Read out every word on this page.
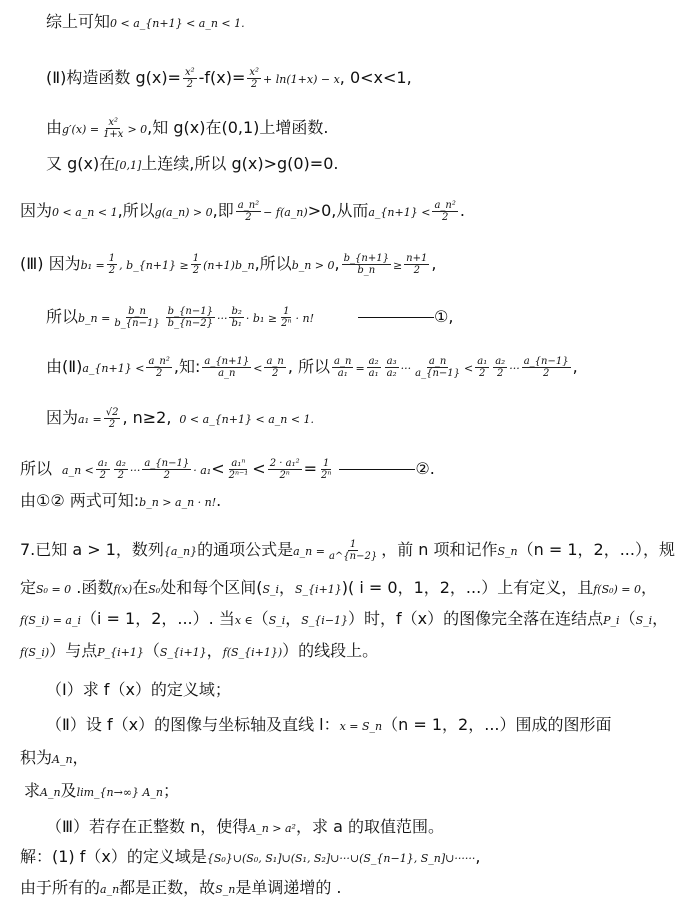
综上可知0 < a_{n+1} < a_n < 1.
(Ⅱ)构造函数 $g(x)= \frac{\text{x²}}{2} -f(x)= \frac{\text{x²}}{2} + \ln(1+x) - x$, 0<x<1,
由$g'(x) = \frac{\text{x²}}{1+x} > 0$,知 g(x)在(0,1)上增函数.
又 g(x)在[0,1]上连续,所以 g(x)>g(0)=0.
因为0 < a_n < 1,所以g(a_n) > 0,即 $\frac{\text{a\_n²}}{2}$ − f(a_n)>0,从而a_{n+1} < $\frac{\text{a\_n²}}{2}$ .
(Ⅲ) 因为$b_1 = \frac{1}{2}$ , b_{n+1} ≥ $\frac{1}{2}$ (n+1)b_n,所以b_n > 0, $\frac{b\_\{n+1\}}{b\_n} \ge \frac{n+1}{2}$ ,
所以b_n = $\frac{b\_n}{b\_\{n-1\}} \frac{b\_\{n-1\}}{b\_\{n-2\}}$ ··· $\frac{\text{b₂}}{\text{b₁}} \cdot b_1 \ge \frac{1}{\text{2ⁿ}} \cdot n$!	①,
由(Ⅱ)a_{n+1} < $\frac{\text{a\_n²}}{2}$ ,知: $\frac{a\_\{n+1\}}{a\_n} < \frac{a\_n}{2}$ , 所以 $\frac{a\_n}{\text{a₁}} = \frac{\text{a₂}}{\text{a₁}} \frac{\text{a₃}}{\text{a₂}}$ ··· $\frac{a\_n}{a\_\{n-1\}} < \frac{\text{a₁}}{2} \frac{\text{a₂}}{2}$ ··· $\frac{a\_\{n-1\}}{2}$ ,
因为$a_1 = \frac{√2}{2}$ , n≥2, 0 < a_{n+1} < a_n < 1.
所以 a_n < $\frac{\text{a₁}}{2} \frac{\text{a₂}}{2}$ ··· $\frac{a\_\{n-1\}}{2} \cdot a_1< \frac{\text{a₁ⁿ}}{\text{2ⁿ⁻¹}} < \frac{\text{2 · a₁²}}{\text{2ⁿ}} = \frac{1}{\text{2ⁿ}}$	②.
由①② 两式可知:b_n > a_n · n!.
7.已知 a > 1，数列{a_n}的通项公式是a_n = $\frac{1}{a\^{}\{n-2\}}$ ，前 n 项和记作S_n（n = 1，2，...），规
定S₀ = 0 .函数f(x)在S₀处和每个区间(S_i，S_{i+1})( i = 0，1，2，...）上有定义，且f(S₀) = 0，
f(S_i) = a_i（i = 1，2，...）. 当x ∈（S_i，S_{i−1}）时，f（x）的图像完全落在连结点P_i（S_i，
f(S_i)）与点P_{i+1}（S_{i+1}，f(S_{i+1})）的线段上。
（Ⅰ）求 f（x）的定义域；
（Ⅱ）设 f（x）的图像与坐标轴及直线 l：x = S_n（n = 1，2，...）围成的图形面
积为A_n，
求A_n及lim_{n→∞} A_n；
（Ⅲ）若存在正整数 n，使得A_n > a²，求 a 的取值范围。
解：(1) f（x）的定义域是{S₀}∪(S₀, S₁]∪(S₁, S₂]∪···∪(S_{n−1}, S_n]∪······,
由于所有的a_n都是正数，故S_n是单调递增的 .
